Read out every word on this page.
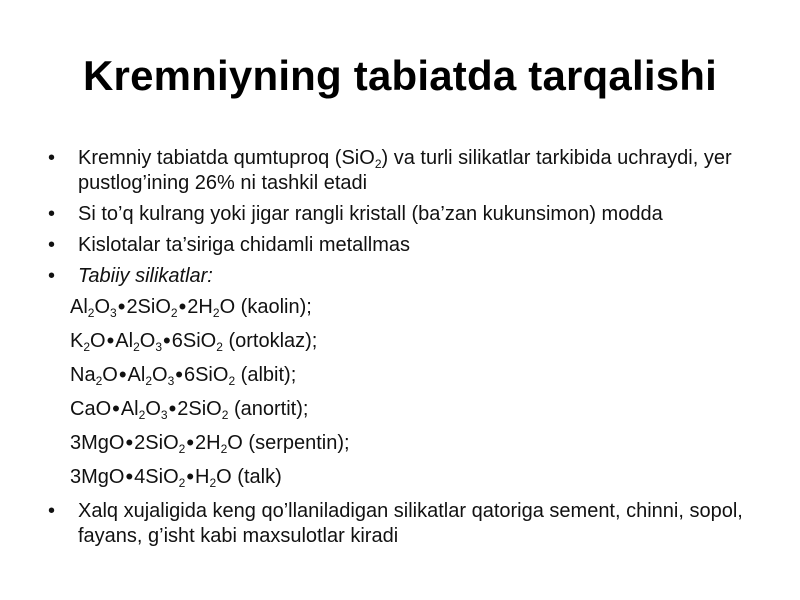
Kremniyning tabiatda tarqalishi
• Kremniy tabiatda qumtuproq (SiO$_2$) va turli silikatlar tarkibida uchraydi, yer pustlog’ining 26% ni tashkil etadi
• Si to’q kulrang yoki jigar rangli kristall (ba’zan kukunsimon) modda
• Kislotalar ta’siriga chidamli metallmas
• Tabiiy silikatlar:
$Al_2O_3•2SiO_2•2H_2O$ (kaolin);
$K_2O•Al_2O_3•6SiO_2$ (ortoklaz);
$Na_2O•Al_2O_3•6SiO_2$ (albit);
$CaO•Al_2O_3•2SiO_2$ (anortit);
$3MgO•2SiO_2•2H_2O$ (serpentin);
$3MgO•4SiO_2•H_2O$ (talk)
• Xalq xujaligida keng qo’llaniladigan silikatlar qatoriga sement, chinni, sopol, fayans, g’isht kabi maxsulotlar kiradi
